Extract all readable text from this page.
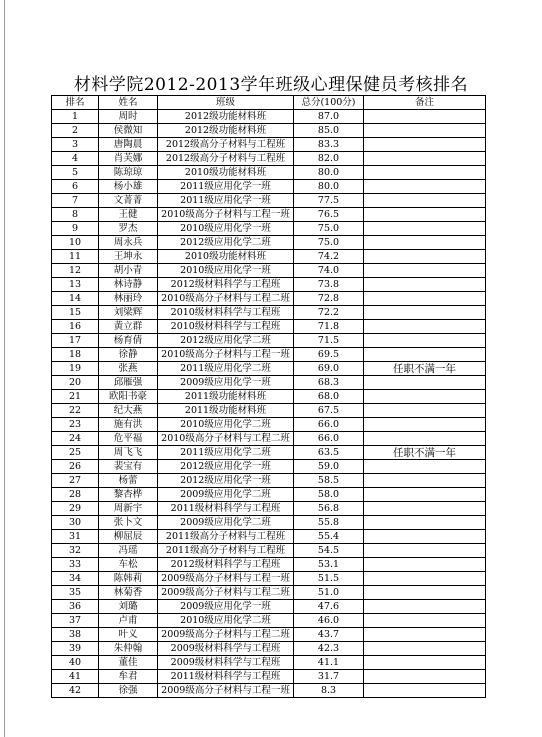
材料学院2012-2013学年班级心理保健员考核排名
排名	姓名	班级	总分(100分)	备注
1	周时	2012级功能材料班	87.0	
2	侯微知	2012级功能材料班	85.0	
3	唐陶晨	2012级高分子材料与工程班	83.3	
4	肖芙娜	2012级高分子材料与工程班	82.0	
5	陈琼琼	2010级功能材料班	80.0	
6	杨小雄	2011级应用化学一班	80.0	
7	文菁菁	2011级应用化学一班	77.5	
8	王健	2010级高分子材料与工程一班	76.5	
9	罗杰	2010级应用化学一班	75.0	
10	周永兵	2012级应用化学二班	75.0	
11	王坤永	2010级功能材料班	74.2	
12	胡小青	2010级应用化学一班	74.0	
13	林诗静	2012级材料科学与工程班	73.8	
14	林丽玲	2010级高分子材料与工程二班	72.8	
15	刘梁辉	2010级材料科学与工程班	72.2	
16	黄立群	2010级材料科学与工程班	71.8	
17	杨育倩	2012级应用化学二班	71.5	
18	徐静	2010级高分子材料与工程一班	69.5	
19	张燕	2011级应用化学二班	69.0	任职不满一年
20	邱雁强	2009级应用化学一班	68.3	
21	欧阳书豪	2011级功能材料班	68.0	
22	纪大燕	2011级功能材料班	67.5	
23	施有洪	2010级应用化学二班	66.0	
24	危平福	2010级高分子材料与工程二班	66.0	
25	周飞飞	2011级应用化学二班	63.5	任职不满一年
26	裴宝有	2012级应用化学一班	59.0	
27	杨蕾	2012级应用化学一班	58.5	
28	黎杏桦	2009级应用化学二班	58.0	
29	周新宇	2011级材料科学与工程班	56.8	
30	张卜文	2009级应用化学二班	55.8	
31	柳屈辰	2011级高分子材料与工程班	55.4	
32	冯瑶	2011级高分子材料与工程班	54.5	
33	车松	2012级材料科学与工程班	53.1	
34	陈韩莉	2009级高分子材料与工程一班	51.5	
35	林菊香	2009级高分子材料与工程二班	51.0	
36	刘璐	2009级应用化学一班	47.6	
37	卢甫	2010级应用化学二班	46.0	
38	叶义	2009级高分子材料与工程二班	43.7	
39	朱仲翰	2009级材料科学与工程班	42.3	
40	董佳	2009级材料科学与工程班	41.1	
41	牟君	2011级材料科学与工程班	31.7	
42	徐强	2009级高分子材料与工程一班	8.3	
